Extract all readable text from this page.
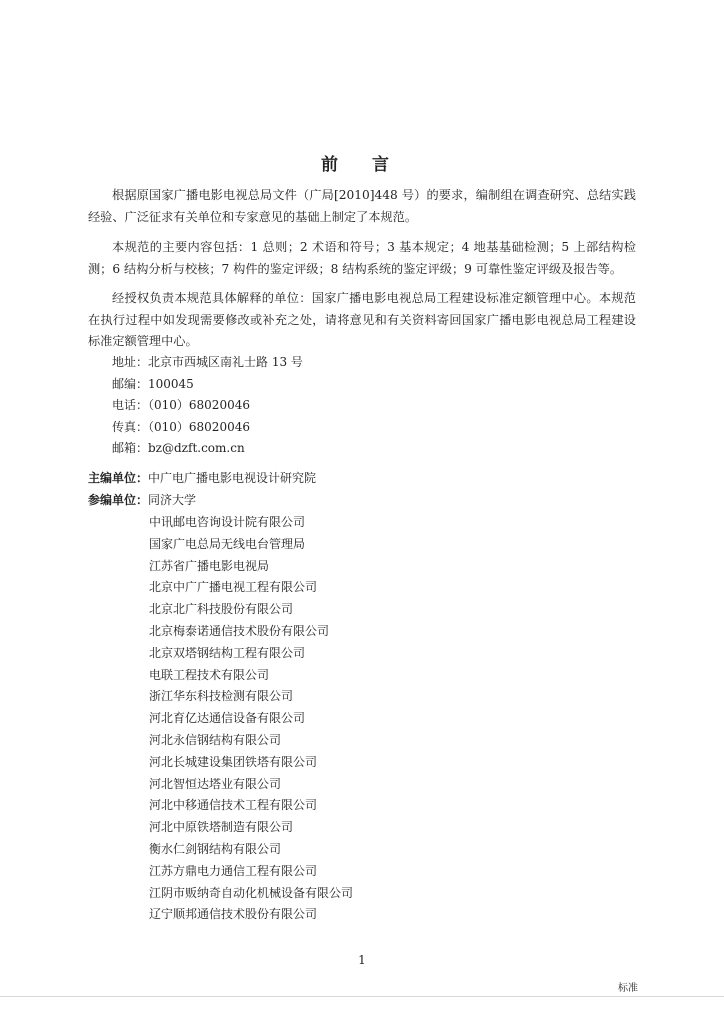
前 言

根据原国家广播电影电视总局文件（广局[2010]448 号）的要求，编制组在调查研究、总结实践经验、广泛征求有关单位和专家意见的基础上制定了本规范。

本规范的主要内容包括：1 总则；2 术语和符号；3 基本规定；4 地基基础检测；5 上部结构检测；6 结构分析与校核；7 构件的鉴定评级；8 结构系统的鉴定评级；9 可靠性鉴定评级及报告等。

经授权负责本规范具体解释的单位：国家广播电影电视总局工程建设标准定额管理中心。本规范在执行过程中如发现需要修改或补充之处，请将意见和有关资料寄回国家广播电影电视总局工程建设标准定额管理中心。

地址：北京市西城区南礼士路 13 号
邮编：100045
电话：（010）68020046
传真：（010）68020046
邮箱：bz@dzft.com.cn
主编单位：中广电广播电影电视设计研究院
参编单位：同济大学
中讯邮电咨询设计院有限公司
国家广电总局无线电台管理局
江苏省广播电影电视局
北京中广广播电视工程有限公司
北京北广科技股份有限公司
北京梅泰诺通信技术股份有限公司
北京双塔钢结构工程有限公司
电联工程技术有限公司
浙江华东科技检测有限公司
河北育亿达通信设备有限公司
河北永信钢结构有限公司
河北长城建设集团铁塔有限公司
河北智恒达塔业有限公司
河北中移通信技术工程有限公司
河北中原铁塔制造有限公司
衡水仁剑钢结构有限公司
江苏方鼎电力通信工程有限公司
江阴市贩纳奇自动化机械设备有限公司
辽宁顺邦通信技术股份有限公司
1
标准
